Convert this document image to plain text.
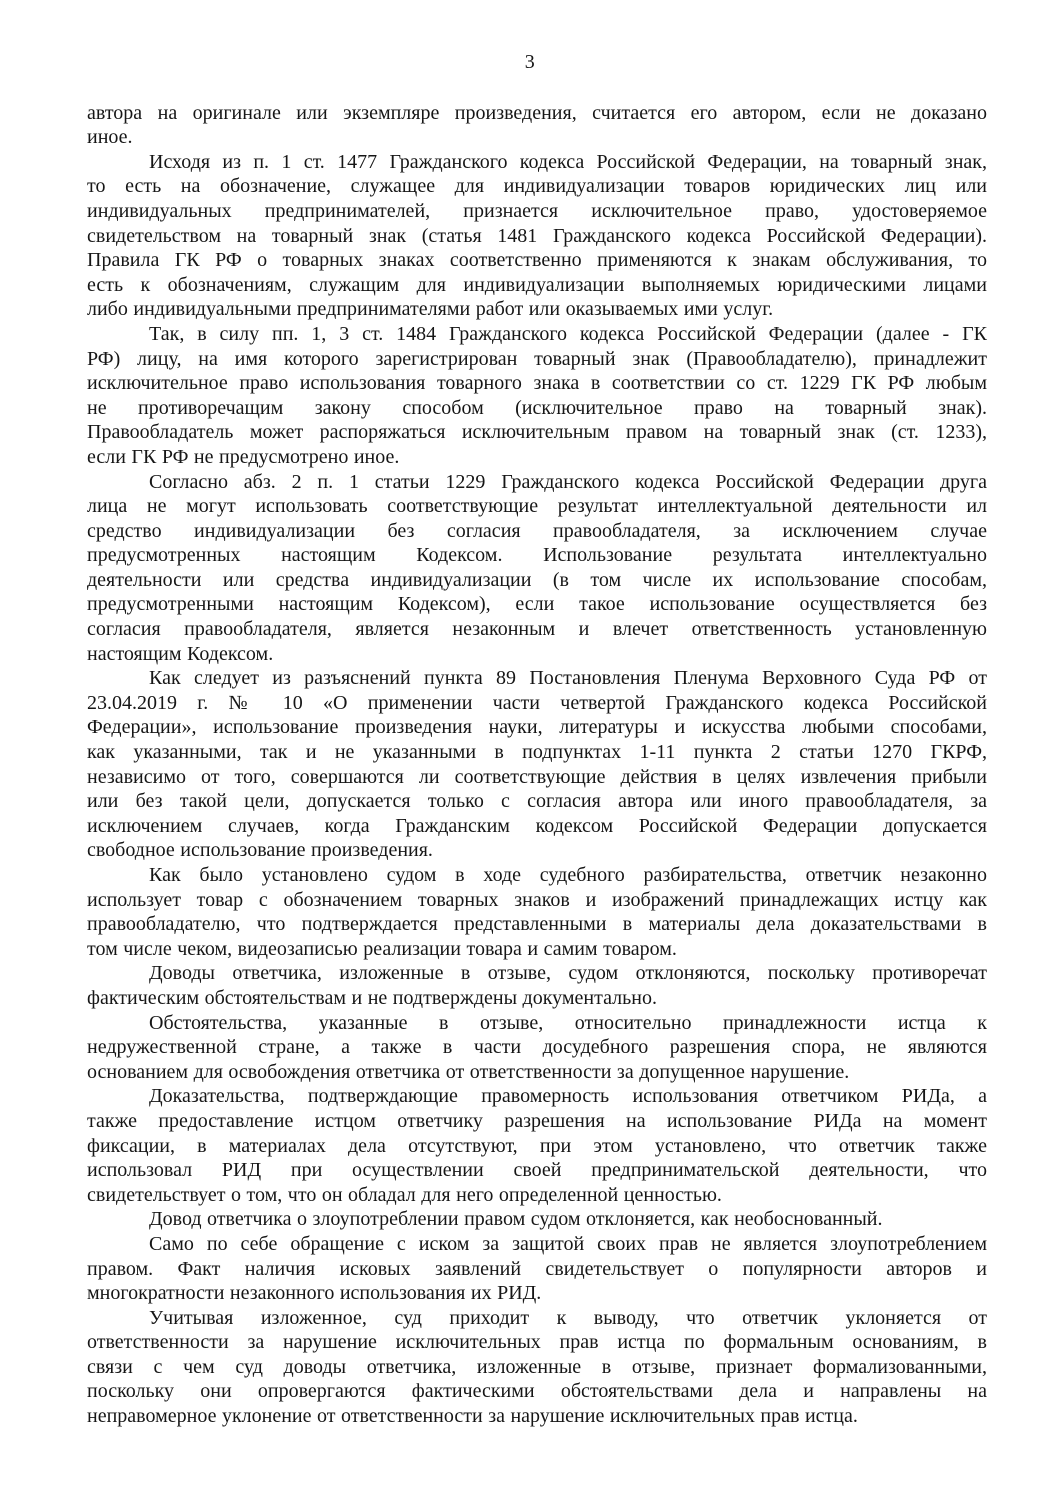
3
автора на оригинале или экземпляре произведения, считается его автором, если не доказано
иное.
Исходя из п. 1 ст. 1477 Гражданского кодекса Российской Федерации, на товарный знак,
то есть на обозначение, служащее для индивидуализации товаров юридических лиц или
индивидуальных предпринимателей, признается исключительное право, удостоверяемое
свидетельством на товарный знак (статья 1481 Гражданского кодекса Российской Федерации).
Правила ГК РФ о товарных знаках соответственно применяются к знакам обслуживания, то
есть к обозначениям, служащим для индивидуализации выполняемых юридическими лицами
либо индивидуальными предпринимателями работ или оказываемых ими услуг.
Так, в силу пп. 1, 3 ст. 1484 Гражданского кодекса Российской Федерации (далее - ГК
РФ) лицу, на имя которого зарегистрирован товарный знак (Правообладателю), принадлежит
исключительное право использования товарного знака в соответствии со ст. 1229 ГК РФ любым
не противоречащим закону способом (исключительное право на товарный знак).
Правообладатель может распоряжаться исключительным правом на товарный знак (ст. 1233),
если ГК РФ не предусмотрено иное.
Согласно абз. 2 п. 1 статьи 1229 Гражданского кодекса Российской Федерации друга
лица не могут использовать соответствующие результат интеллектуальной деятельности ил
средство индивидуализации без согласия правообладателя, за исключением случае
предусмотренных настоящим Кодексом. Использование результата интеллектуально
деятельности или средства индивидуализации (в том числе их использование способам,
предусмотренными настоящим Кодексом), если такое использование осуществляется без
согласия правообладателя, является незаконным и влечет ответственность установленную
настоящим Кодексом.
Как следует из разъяснений пункта 89 Постановления Пленума Верховного Суда РФ от
23.04.2019 г. № 10 «О применении части четвертой Гражданского кодекса Российской
Федерации», использование произведения науки, литературы и искусства любыми способами,
как указанными, так и не указанными в подпунктах 1-11 пункта 2 статьи 1270 ГКРФ,
независимо от того, совершаются ли соответствующие действия в целях извлечения прибыли
или без такой цели, допускается только с согласия автора или иного правообладателя, за
исключением случаев, когда Гражданским кодексом Российской Федерации допускается
свободное использование произведения.
Как было установлено судом в ходе судебного разбирательства, ответчик незаконно
использует товар с обозначением товарных знаков и изображений принадлежащих истцу как
правообладателю, что подтверждается представленными в материалы дела доказательствами в
том числе чеком, видеозаписью реализации товара и самим товаром.
Доводы ответчика, изложенные в отзыве, судом отклоняются, поскольку противоречат
фактическим обстоятельствам и не подтверждены документально.
Обстоятельства, указанные в отзыве, относительно принадлежности истца к
недружественной стране, а также в части досудебного разрешения спора, не являются
основанием для освобождения ответчика от ответственности за допущенное нарушение.
Доказательства, подтверждающие правомерность использования ответчиком РИДа, а
также предоставление истцом ответчику разрешения на использование РИДа на момент
фиксации, в материалах дела отсутствуют, при этом установлено, что ответчик также
использовал РИД при осуществлении своей предпринимательской деятельности, что
свидетельствует о том, что он обладал для него определенной ценностью.
Довод ответчика о злоупотреблении правом судом отклоняется, как необоснованный.
Само по себе обращение с иском за защитой своих прав не является злоупотреблением
правом. Факт наличия исковых заявлений свидетельствует о популярности авторов и
многократности незаконного использования их РИД.
Учитывая изложенное, суд приходит к выводу, что ответчик уклоняется от
ответственности за нарушение исключительных прав истца по формальным основаниям, в
связи с чем суд доводы ответчика, изложенные в отзыве, признает формализованными,
поскольку они опровергаются фактическими обстоятельствами дела и направлены на
неправомерное уклонение от ответственности за нарушение исключительных прав истца.
